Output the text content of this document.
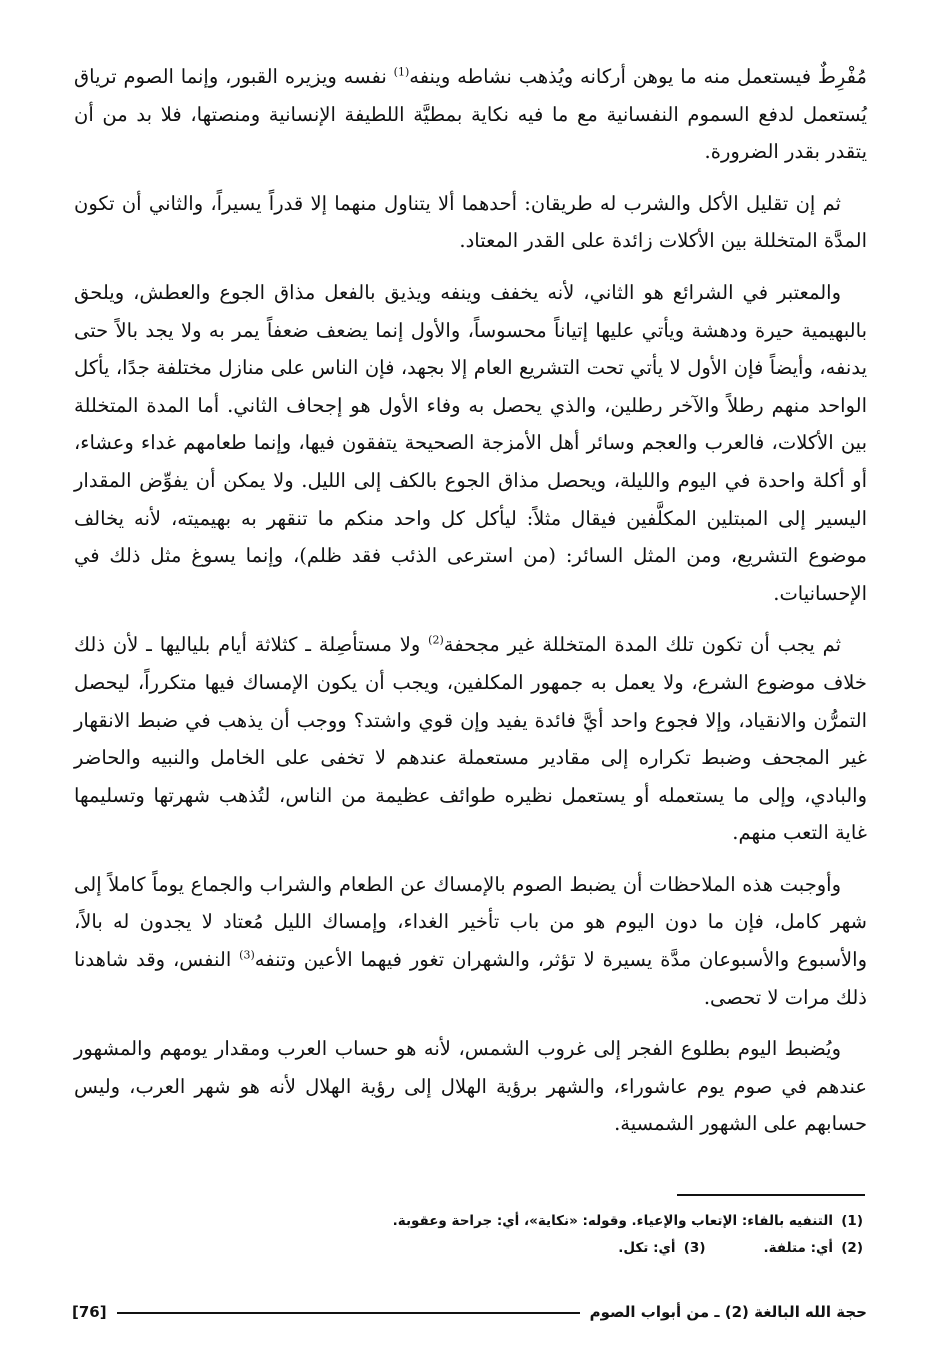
مُفْرِطٌ فيستعمل منه ما يوهن أركانه ويُذهب نشاطه وينفه$^{(1)}$ نفسه ويزيره القبور، وإنما الصوم ترياق يُستعمل لدفع السموم النفسانية مع ما فيه نكاية بمطيَّة اللطيفة الإنسانية ومنصتها، فلا بد من أن يتقدر بقدر الضرورة.

ثم إن تقليل الأكل والشرب له طريقان: أحدهما ألا يتناول منهما إلا قدراً يسيراً، والثاني أن تكون المدَّة المتخللة بين الأكلات زائدة على القدر المعتاد.

والمعتبر في الشرائع هو الثاني، لأنه يخفف وينفه ويذيق بالفعل مذاق الجوع والعطش، ويلحق بالبهيمية حيرة ودهشة ويأتي عليها إتياناً محسوساً، والأول إنما يضعف ضعفاً يمر به ولا يجد بالاً حتى يدنفه، وأيضاً فإن الأول لا يأتي تحت التشريع العام إلا بجهد، فإن الناس على منازل مختلفة جدًا، يأكل الواحد منهم رطلاً والآخر رطلين، والذي يحصل به وفاء الأول هو إجحاف الثاني. أما المدة المتخللة بين الأكلات، فالعرب والعجم وسائر أهل الأمزجة الصحيحة يتفقون فيها، وإنما طعامهم غداء وعشاء، أو أكلة واحدة في اليوم والليلة، ويحصل مذاق الجوع بالكف إلى الليل. ولا يمكن أن يفوِّض المقدار اليسير إلى المبتلين المكلَّفين فيقال مثلاً: ليأكل كل واحد منكم ما تنقهر به بهيميته، لأنه يخالف موضوع التشريع، ومن المثل السائر: (من استرعى الذئب فقد ظلم)، وإنما يسوغ مثل ذلك في الإحسانيات.

ثم يجب أن تكون تلك المدة المتخللة غير مجحفة$^{(2)}$ ولا مستأصِلة ـ كثلاثة أيام بلياليها ـ لأن ذلك خلاف موضوع الشرع، ولا يعمل به جمهور المكلفين، ويجب أن يكون الإمساك فيها متكرراً، ليحصل التمرُّن والانقياد، وإلا فجوع واحد أيَّ فائدة يفيد وإن قوي واشتد؟ ووجب أن يذهب في ضبط الانقهار غير المجحف وضبط تكراره إلى مقادير مستعملة عندهم لا تخفى على الخامل والنبيه والحاضر والبادي، وإلى ما يستعمله أو يستعمل نظيره طوائف عظيمة من الناس، لتُذهب شهرتها وتسليمها غاية التعب منهم.

وأوجبت هذه الملاحظات أن يضبط الصوم بالإمساك عن الطعام والشراب والجماع يوماً كاملاً إلى شهر كامل، فإن ما دون اليوم هو من باب تأخير الغداء، وإمساك الليل مُعتاد لا يجدون له بالاً، والأسبوع والأسبوعان مدَّة يسيرة لا تؤثر، والشهران تغور فيهما الأعين وتنفه$^{(3)}$ النفس، وقد شاهدنا ذلك مرات لا تحصى.

ويُضبط اليوم بطلوع الفجر إلى غروب الشمس، لأنه هو حساب العرب ومقدار يومهم والمشهور عندهم في صوم يوم عاشوراء، والشهر برؤية الهلال إلى رؤية الهلال لأنه هو شهر العرب، وليس حسابهم على الشهور الشمسية.

(1)التنفيه بالفاء: الإتعاب والإعياء. وقوله: «نكاية»، أي: جراحة وعقوبة.
(2)أي: متلفة.(3)أي: تكل.
حجة الله البالغة (2) ـ من أبواب الصوم
[76]
